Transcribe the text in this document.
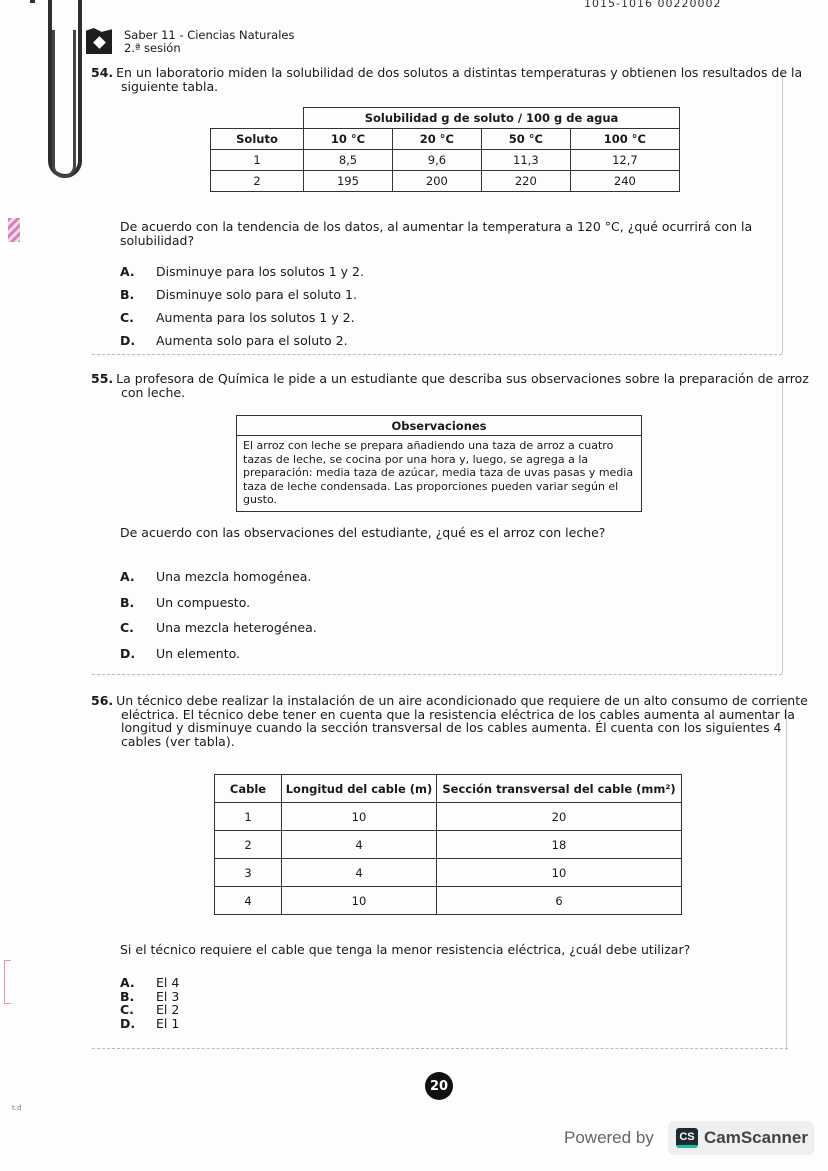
t.d
1015-1016 00220002
Saber 11 - Ciencias Naturales
2.ª sesión
54. En un laboratorio miden la solubilidad de dos solutos a distintas temperaturas y obtienen los resultados de la siguiente tabla.
	Solubilidad g de soluto / 100 g de agua			
Soluto	10 °C	20 °C	50 °C	100 °C
1	8,5	9,6	11,3	12,7
2	195	200	220	240
De acuerdo con la tendencia de los datos, al aumentar la temperatura a 120 °C, ¿qué ocurrirá con la solubilidad?
A.	Disminuye para los solutos 1 y 2.
B.	Disminuye solo para el soluto 1.
C.	Aumenta para los solutos 1 y 2.
D.	Aumenta solo para el soluto 2.
55. La profesora de Química le pide a un estudiante que describa sus observaciones sobre la preparación de arroz con leche.
Observaciones
El arroz con leche se prepara añadiendo una taza de arroz a cuatro tazas de leche, se cocina por una hora y, luego, se agrega a la preparación: media taza de azúcar, media taza de uvas pasas y media taza de leche condensada. Las proporciones pueden variar según el gusto.
De acuerdo con las observaciones del estudiante, ¿qué es el arroz con leche?
A.	Una mezcla homogénea.
B.	Un compuesto.
C.	Una mezcla heterogénea.
D.	Un elemento.
56. Un técnico debe realizar la instalación de un aire acondicionado que requiere de un alto consumo de corriente eléctrica. El técnico debe tener en cuenta que la resistencia eléctrica de los cables aumenta al aumentar la longitud y disminuye cuando la sección transversal de los cables aumenta. Él cuenta con los siguientes 4 cables (ver tabla).
Cable	Longitud del cable (m)	Sección transversal del cable (mm²)
1	10	20
2	4	18
3	4	10
4	10	6
Si el técnico requiere el cable que tenga la menor resistencia eléctrica, ¿cuál debe utilizar?
A.	El 4
B.	El 3
C.	El 2
D.	El 1
20
Powered by	CS CamScanner
